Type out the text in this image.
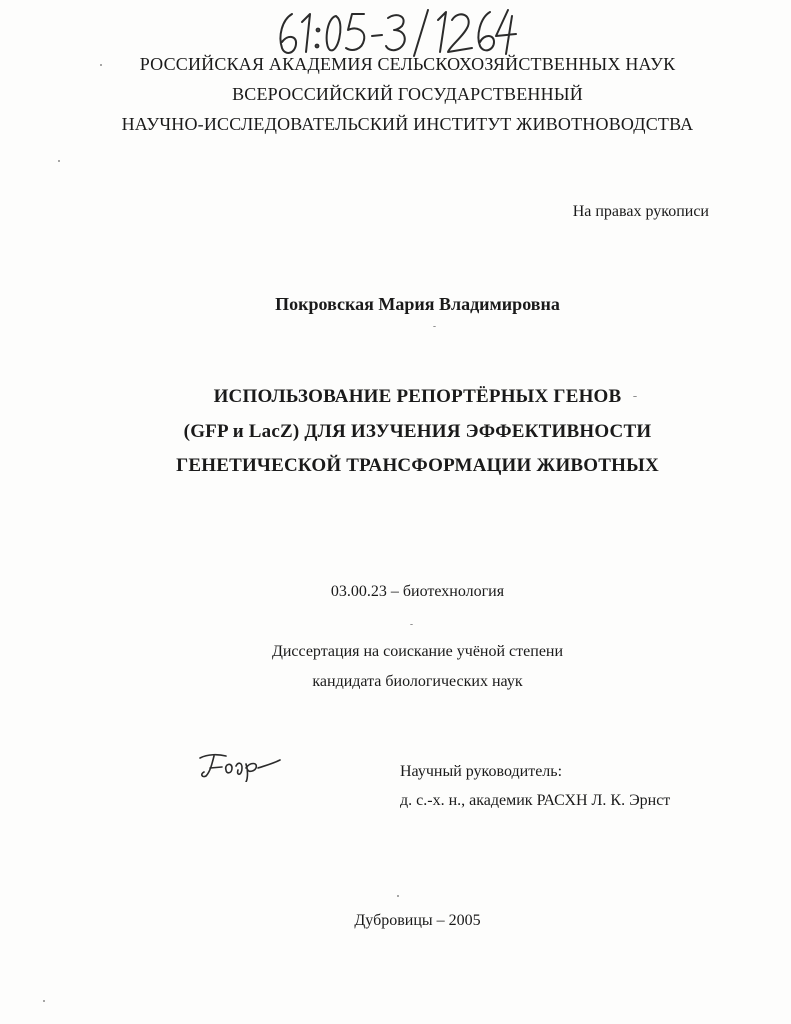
РОССИЙСКАЯ АКАДЕМИЯ СЕЛЬСКОХОЗЯЙСТВЕННЫХ НАУК
ВСЕРОССИЙСКИЙ ГОСУДАРСТВЕННЫЙ
НАУЧНО-ИССЛЕДОВАТЕЛЬСКИЙ ИНСТИТУТ ЖИВОТНОВОДСТВА
На правах рукописи
Покровская Мария Владимировна
ИСПОЛЬЗОВАНИЕ РЕПОРТЁРНЫХ ГЕНОВ
(GFP и LacZ) ДЛЯ ИЗУЧЕНИЯ ЭФФЕКТИВНОСТИ
ГЕНЕТИЧЕСКОЙ ТРАНСФОРМАЦИИ ЖИВОТНЫХ
03.00.23 – биотехнология
Диссертация на соискание учёной степени
кандидата биологических наук
Научный руководитель:
д. с.-х. н., академик РАСХН Л. К. Эрнст
Дубровицы – 2005
